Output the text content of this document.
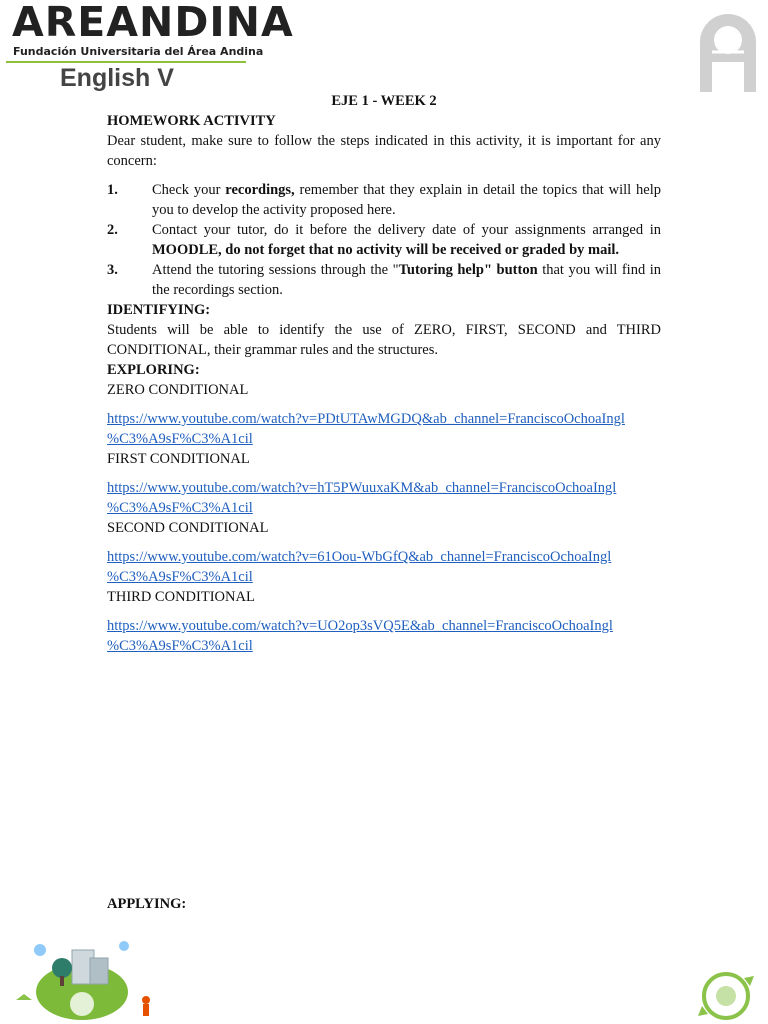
AREANDINA
Fundación Universitaria del Área Andina
English V

EJE 1 - WEEK 2

HOMEWORK ACTIVITY

Dear student, make sure to follow the steps indicated in this activity, it is important for any concern:

1.	Check your recordings, remember that they explain in detail the topics that will help you to develop the activity proposed here.
2.	Contact your tutor, do it before the delivery date of your assignments arranged in MOODLE, do not forget that no activity will be received or graded by mail.
3.	Attend the tutoring sessions through the "Tutoring help" button that you will find in the recordings section.

IDENTIFYING:

Students will be able to identify the use of ZERO, FIRST, SECOND and THIRD CONDITIONAL, their grammar rules and the structures.

EXPLORING:

ZERO CONDITIONAL

https://www.youtube.com/watch?v=PDtUTAwMGDQ&ab_channel=FranciscoOchoaIngl
%C3%A9sF%C3%A1cil

FIRST CONDITIONAL

https://www.youtube.com/watch?v=hT5PWuuxaKM&ab_channel=FranciscoOchoaIngl
%C3%A9sF%C3%A1cil

SECOND CONDITIONAL

https://www.youtube.com/watch?v=61Oou-WbGfQ&ab_channel=FranciscoOchoaIngl
%C3%A9sF%C3%A1cil

THIRD CONDITIONAL

https://www.youtube.com/watch?v=UO2op3sVQ5E&ab_channel=FranciscoOchoaIngl
%C3%A9sF%C3%A1cil

APPLYING:
